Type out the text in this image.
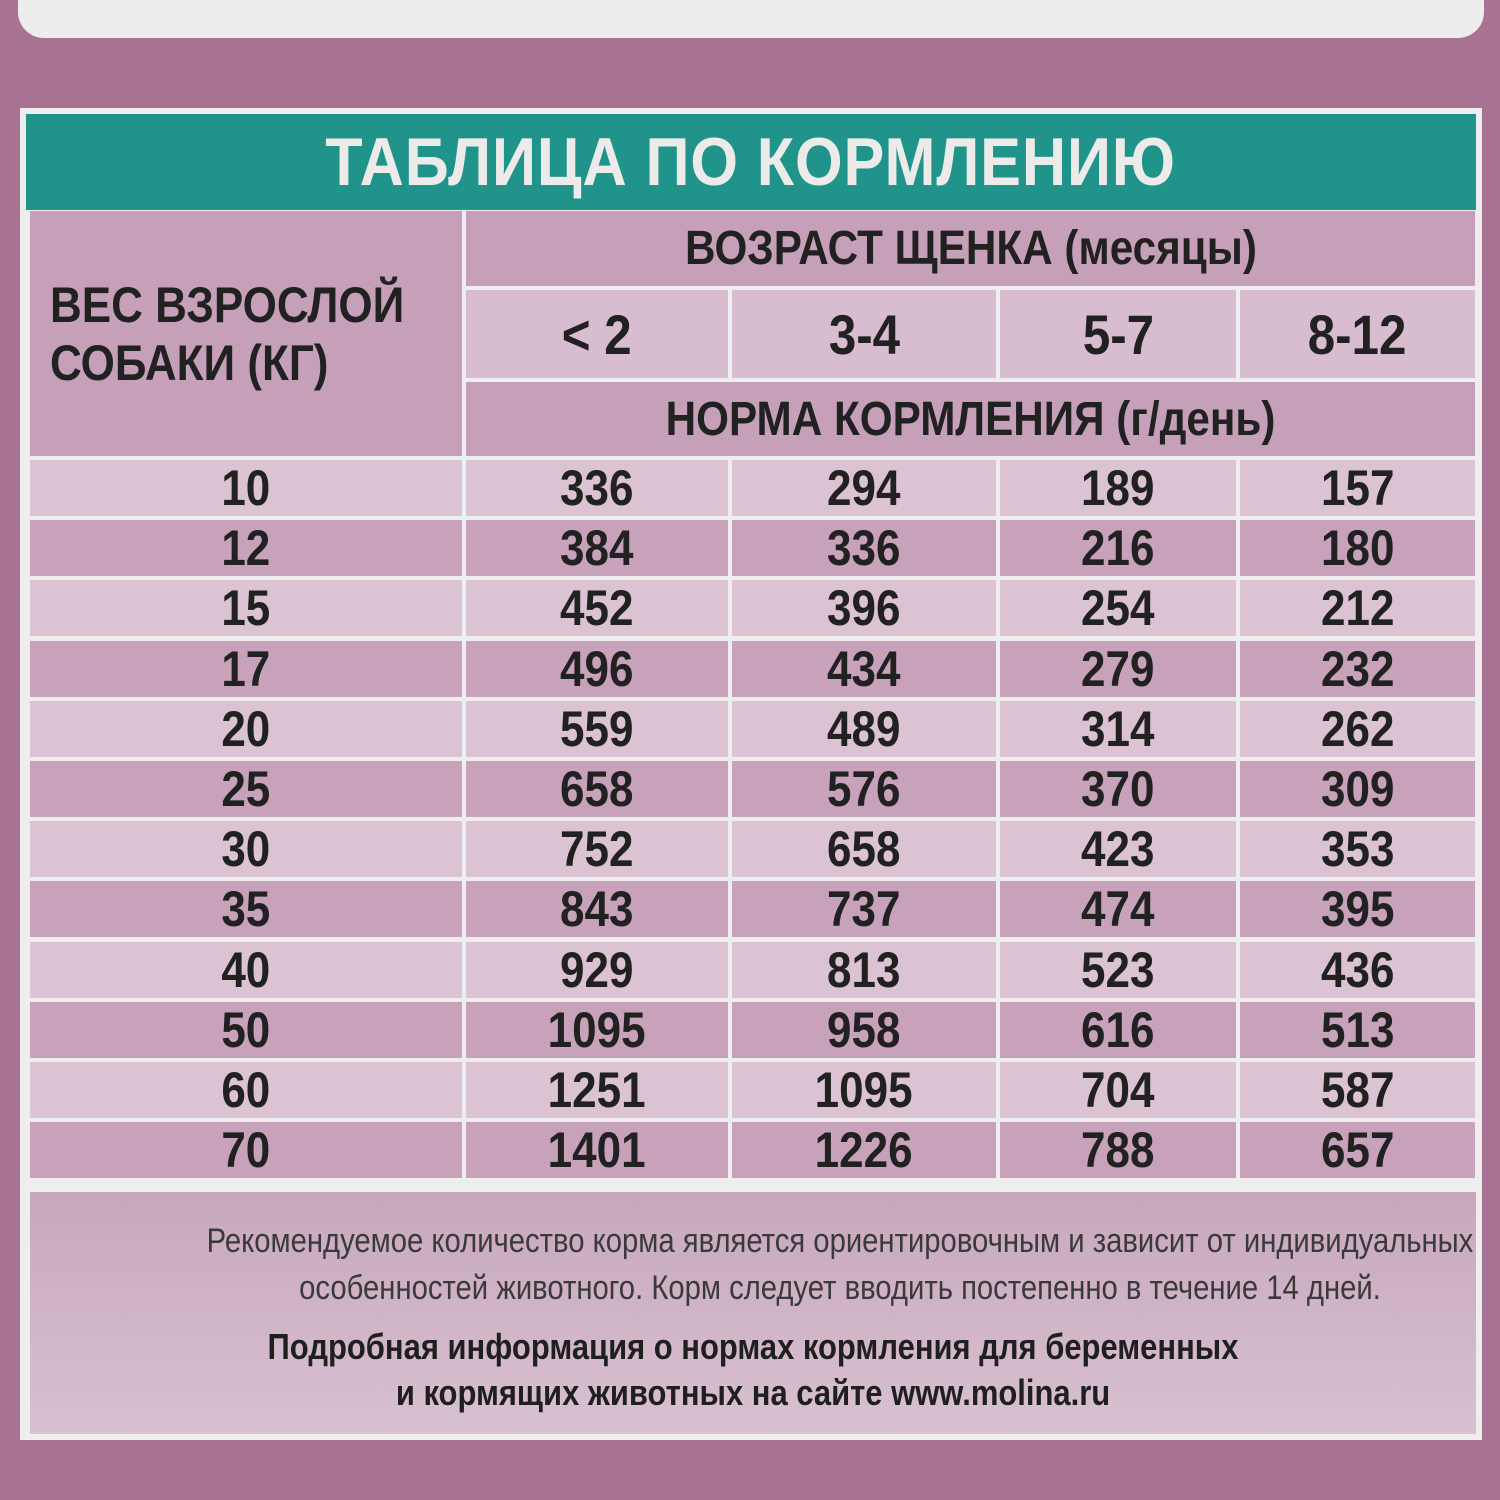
ТАБЛИЦА ПО КОРМЛЕНИЮ
ВЕС ВЗРОСЛОЙ СОБАКИ (КГ)
ВОЗРАСТ ЩЕНКА (месяцы)
< 2	3-4	5-7	8-12
НОРМА КОРМЛЕНИЯ (г/день)
10	336	294	189	157
12	384	336	216	180
15	452	396	254	212
17	496	434	279	232
20	559	489	314	262
25	658	576	370	309
30	752	658	423	353
35	843	737	474	395
40	929	813	523	436
50	1095	958	616	513
60	1251	1095	704	587
70	1401	1226	788	657
Рекомендуемое количество корма является ориентировочным и зависит от индивидуальных особенностей животного. Корм следует вводить постепенно в течение 14 дней.
Подробная информация о нормах кормления для беременных и кормящих животных на сайте www.molina.ru
